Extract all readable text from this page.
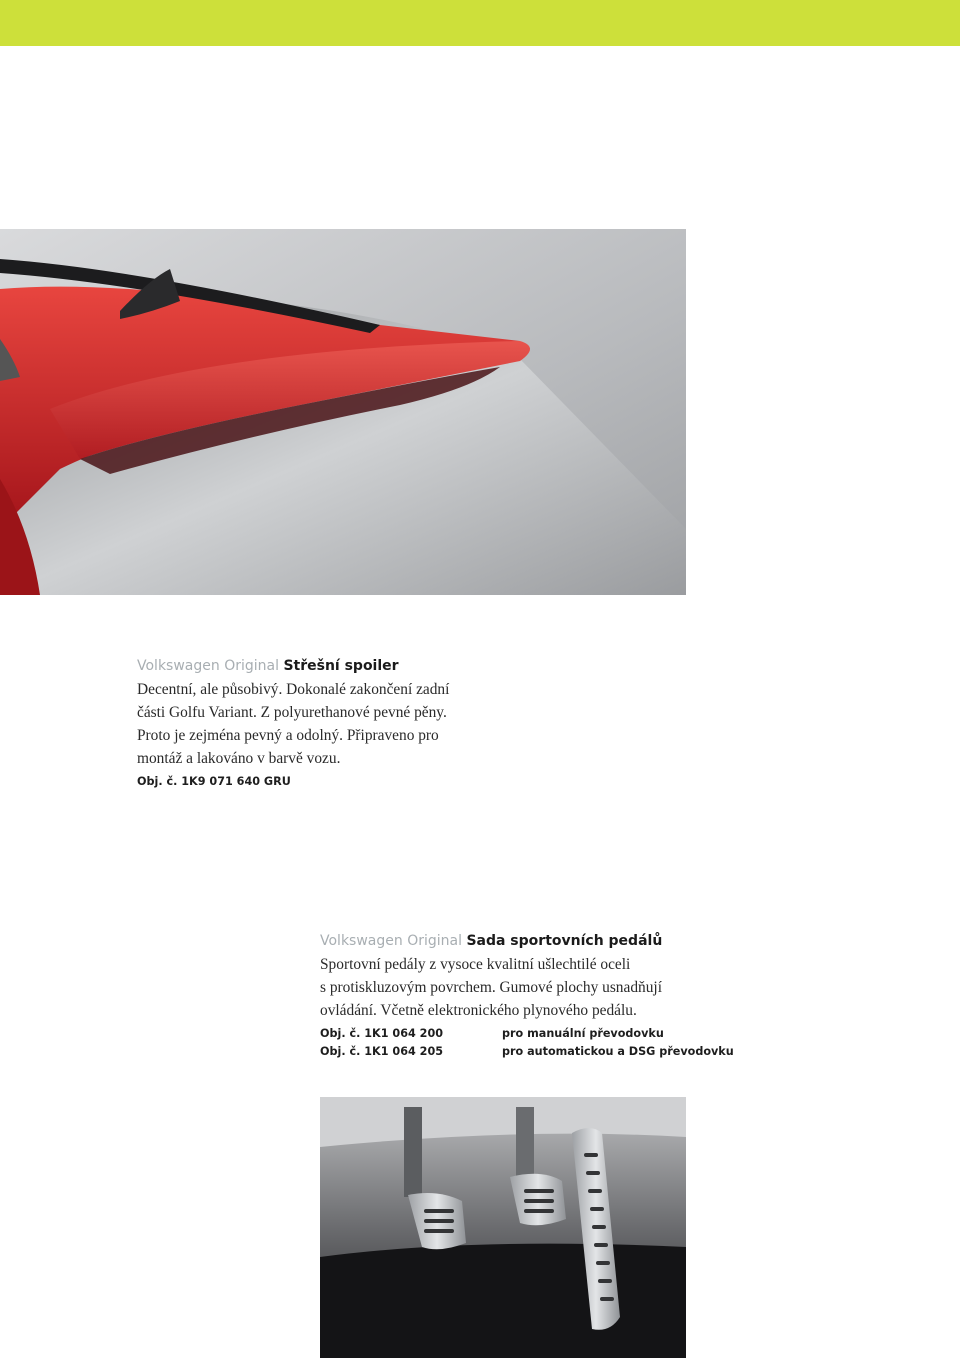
Volkswagen Original Střešní spoiler

Decentní, ale působivý. Dokonalé zakončení zadní

části Golfu Variant. Z polyurethanové pevné pěny.

Proto je zejména pevný a odolný. Připraveno pro

montáž a lakováno v barvě vozu.

Obj. č. 1K9 071 640 GRU
Volkswagen Original Sada sportovních pedálů

Sportovní pedály z vysoce kvalitní ušlechtilé oceli

s protiskluzovým povrchem. Gumové plochy usnadňují

ovládání. Včetně elektronického plynového pedálu.

Obj. č. 1K1 064 200	pro manuální převodovku
Obj. č. 1K1 064 205	pro automatickou a DSG převodovku
